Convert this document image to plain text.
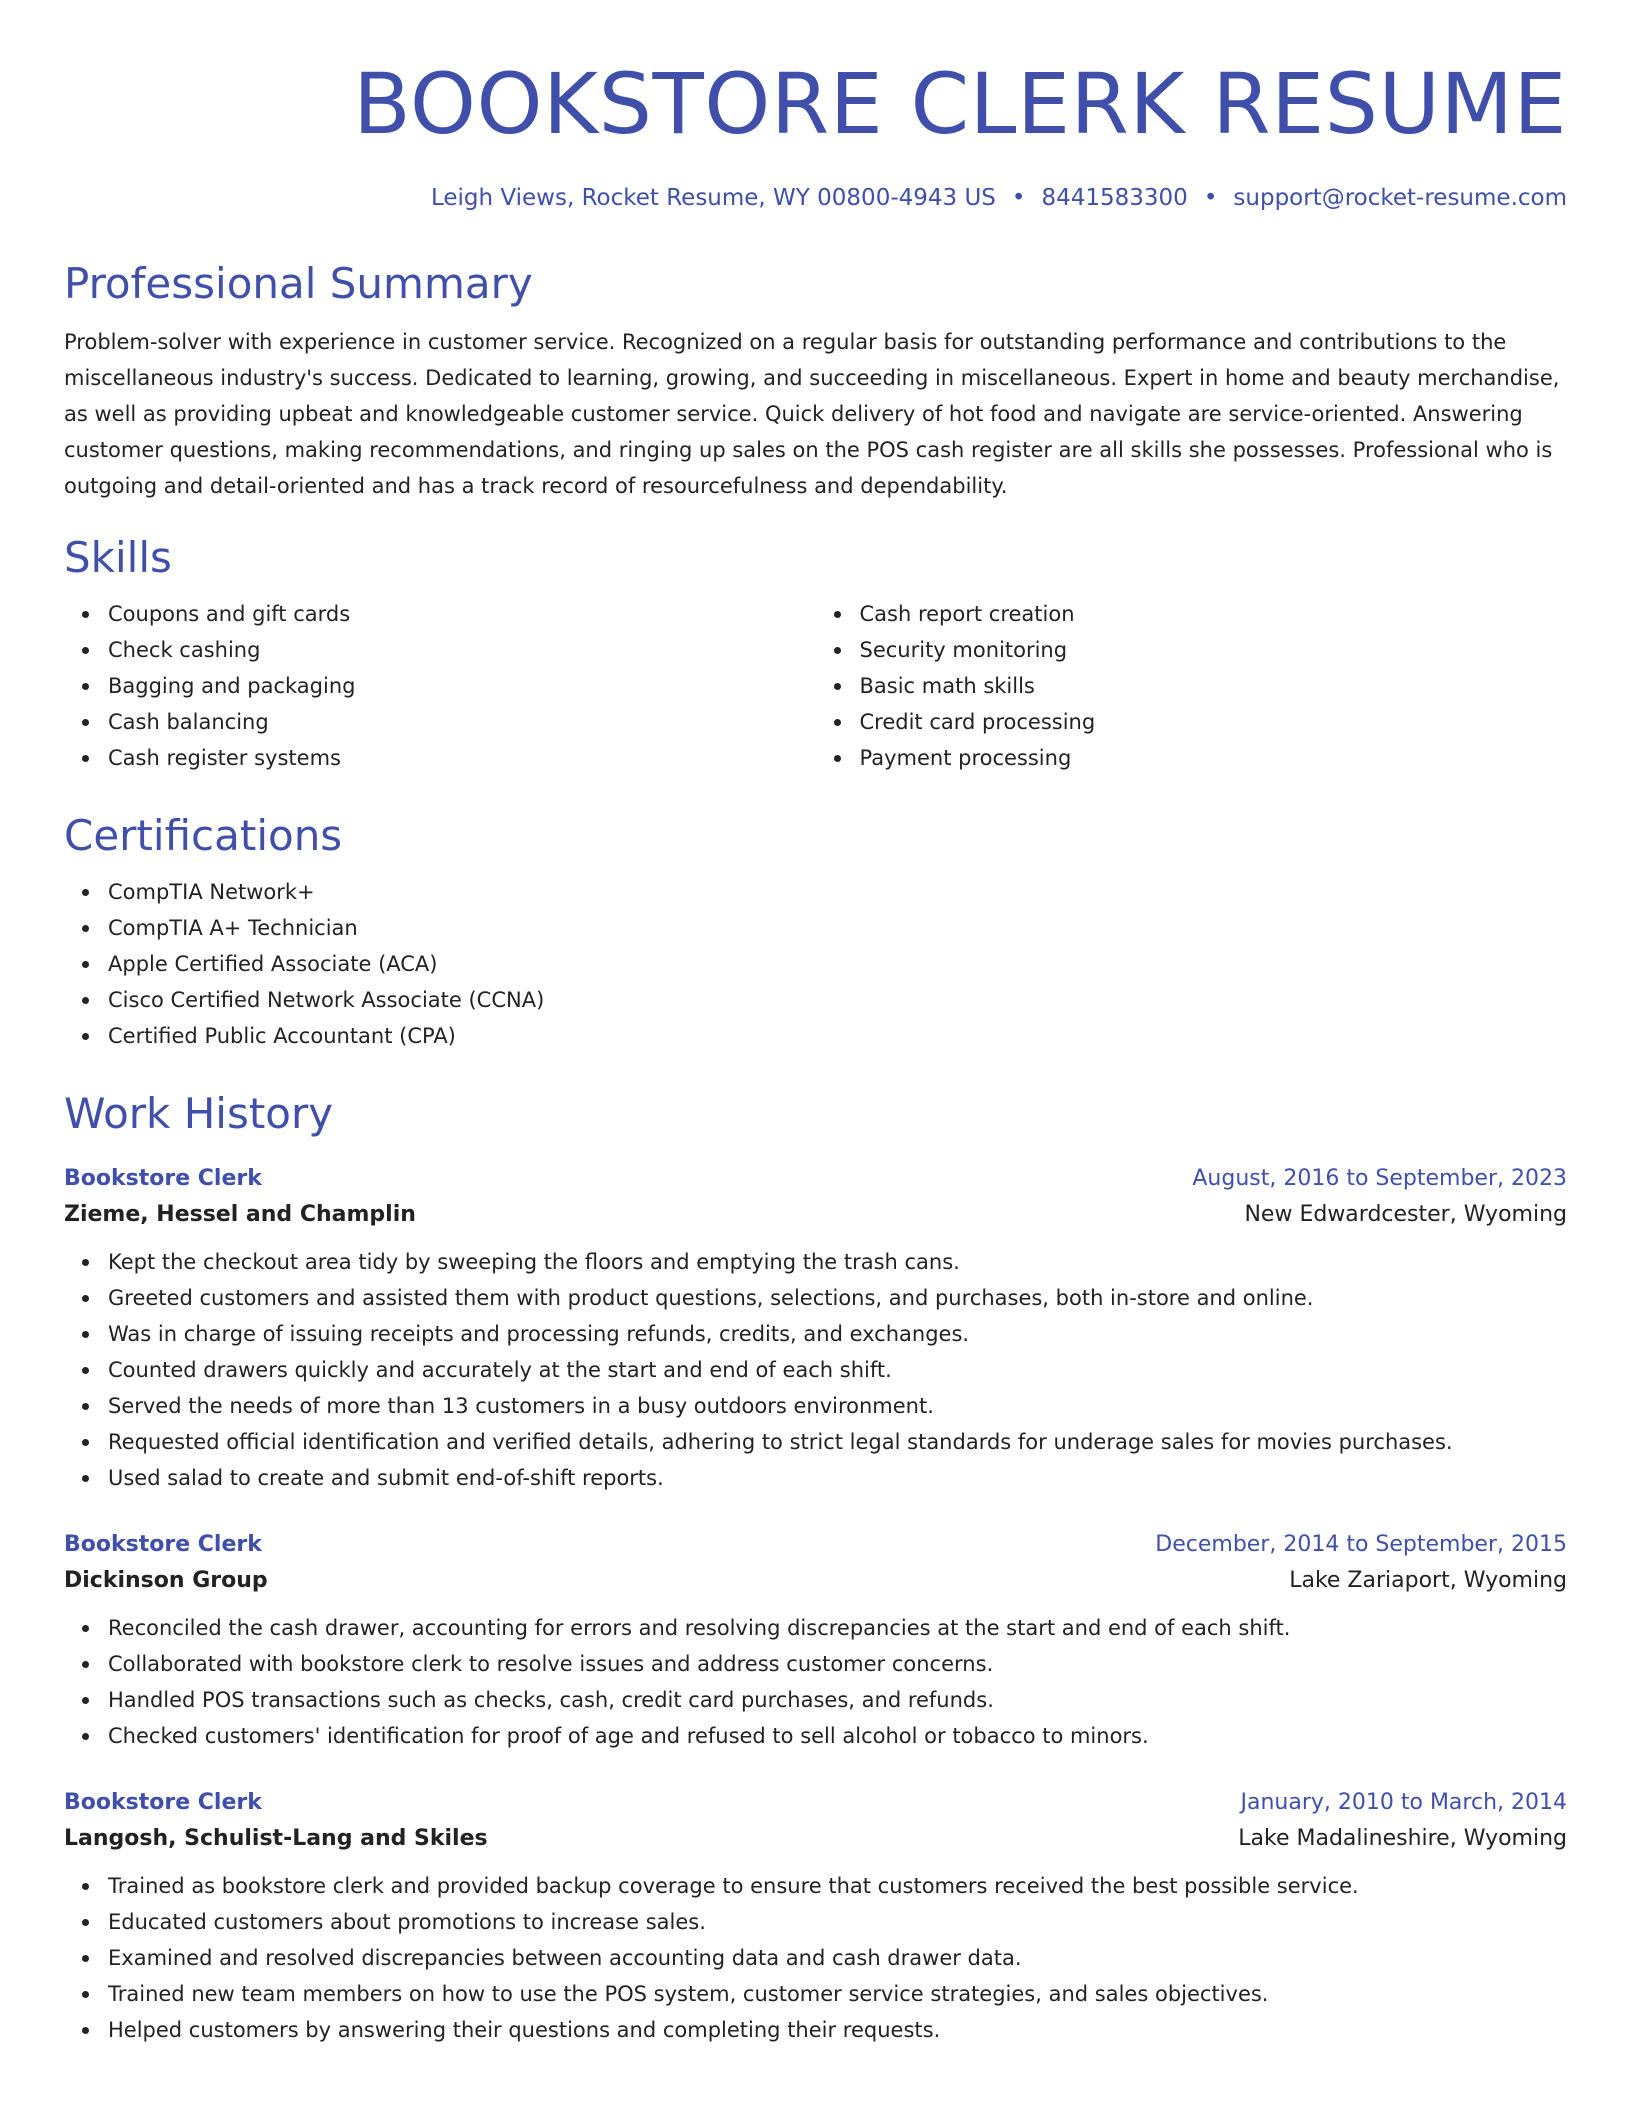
BOOKSTORE CLERK RESUME
Leigh Views, Rocket Resume, WY 00800-4943 US • 8441583300 • support@rocket-resume.com
Professional Summary
Problem-solver with experience in customer service. Recognized on a regular basis for outstanding performance and contributions to the miscellaneous industry's success. Dedicated to learning, growing, and succeeding in miscellaneous. Expert in home and beauty merchandise, as well as providing upbeat and knowledgeable customer service. Quick delivery of hot food and navigate are service-oriented. Answering customer questions, making recommendations, and ringing up sales on the POS cash register are all skills she possesses. Professional who is outgoing and detail-oriented and has a track record of resourcefulness and dependability.
Skills
Coupons and gift cards
Check cashing
Bagging and packaging
Cash balancing
Cash register systems
Cash report creation
Security monitoring
Basic math skills
Credit card processing
Payment processing
Certifications
CompTIA Network+
CompTIA A+ Technician
Apple Certified Associate (ACA)
Cisco Certified Network Associate (CCNA)
Certified Public Accountant (CPA)
Work History
Bookstore Clerk	August, 2016 to September, 2023
Zieme, Hessel and Champlin	New Edwardcester, Wyoming
Kept the checkout area tidy by sweeping the floors and emptying the trash cans.
Greeted customers and assisted them with product questions, selections, and purchases, both in-store and online.
Was in charge of issuing receipts and processing refunds, credits, and exchanges.
Counted drawers quickly and accurately at the start and end of each shift.
Served the needs of more than 13 customers in a busy outdoors environment.
Requested official identification and verified details, adhering to strict legal standards for underage sales for movies purchases.
Used salad to create and submit end-of-shift reports.
Bookstore Clerk	December, 2014 to September, 2015
Dickinson Group	Lake Zariaport, Wyoming
Reconciled the cash drawer, accounting for errors and resolving discrepancies at the start and end of each shift.
Collaborated with bookstore clerk to resolve issues and address customer concerns.
Handled POS transactions such as checks, cash, credit card purchases, and refunds.
Checked customers' identification for proof of age and refused to sell alcohol or tobacco to minors.
Bookstore Clerk	January, 2010 to March, 2014
Langosh, Schulist-Lang and Skiles	Lake Madalineshire, Wyoming
Trained as bookstore clerk and provided backup coverage to ensure that customers received the best possible service.
Educated customers about promotions to increase sales.
Examined and resolved discrepancies between accounting data and cash drawer data.
Trained new team members on how to use the POS system, customer service strategies, and sales objectives.
Helped customers by answering their questions and completing their requests.
